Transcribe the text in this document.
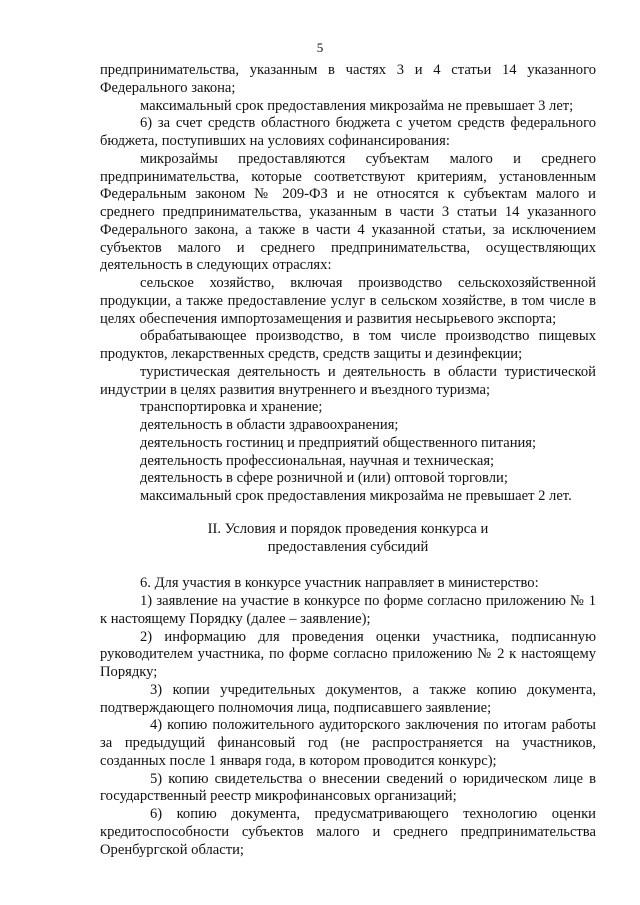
5

предпринимательства, указанным в частях 3 и 4 статьи 14 указанного Федерального закона;

максимальный срок предоставления микрозайма не превышает 3 лет;

6) за счет средств областного бюджета с учетом средств федерального бюджета, поступивших на условиях софинансирования:

микрозаймы предоставляются субъектам малого и среднего предпринимательства, которые соответствуют критериям, установленным Федеральным законом № 209-ФЗ и не относятся к субъектам малого и среднего предпринимательства, указанным в части 3 статьи 14 указанного Федерального закона, а также в части 4 указанной статьи, за исключением субъектов малого и среднего предпринимательства, осуществляющих деятельность в следующих отраслях:

сельское хозяйство, включая производство сельскохозяйственной продукции, а также предоставление услуг в сельском хозяйстве, в том числе в целях обеспечения импортозамещения и развития несырьевого экспорта;

обрабатывающее производство, в том числе производство пищевых продуктов, лекарственных средств, средств защиты и дезинфекции;

туристическая деятельность и деятельность в области туристической индустрии в целях развития внутреннего и въездного туризма;

транспортировка и хранение;

деятельность в области здравоохранения;

деятельность гостиниц и предприятий общественного питания;

деятельность профессиональная, научная и техническая;

деятельность в сфере розничной и (или) оптовой торговли;

максимальный срок предоставления микрозайма не превышает 2 лет.

II. Условия и порядок проведения конкурса и
предоставления субсидий

6. Для участия в конкурсе участник направляет в министерство:

1) заявление на участие в конкурсе по форме согласно приложению № 1 к настоящему Порядку (далее – заявление);

2) информацию для проведения оценки участника, подписанную руководителем участника, по форме согласно приложению № 2 к настоящему Порядку;

3) копии учредительных документов, а также копию документа, подтверждающего полномочия лица, подписавшего заявление;

4) копию положительного аудиторского заключения по итогам работы за предыдущий финансовый год (не распространяется на участников, созданных после 1 января года, в котором проводится конкурс);

5) копию свидетельства о внесении сведений о юридическом лице в государственный реестр микрофинансовых организаций;

6) копию документа, предусматривающего технологию оценки кредитоспособности субъектов малого и среднего предпринимательства Оренбургской области;
